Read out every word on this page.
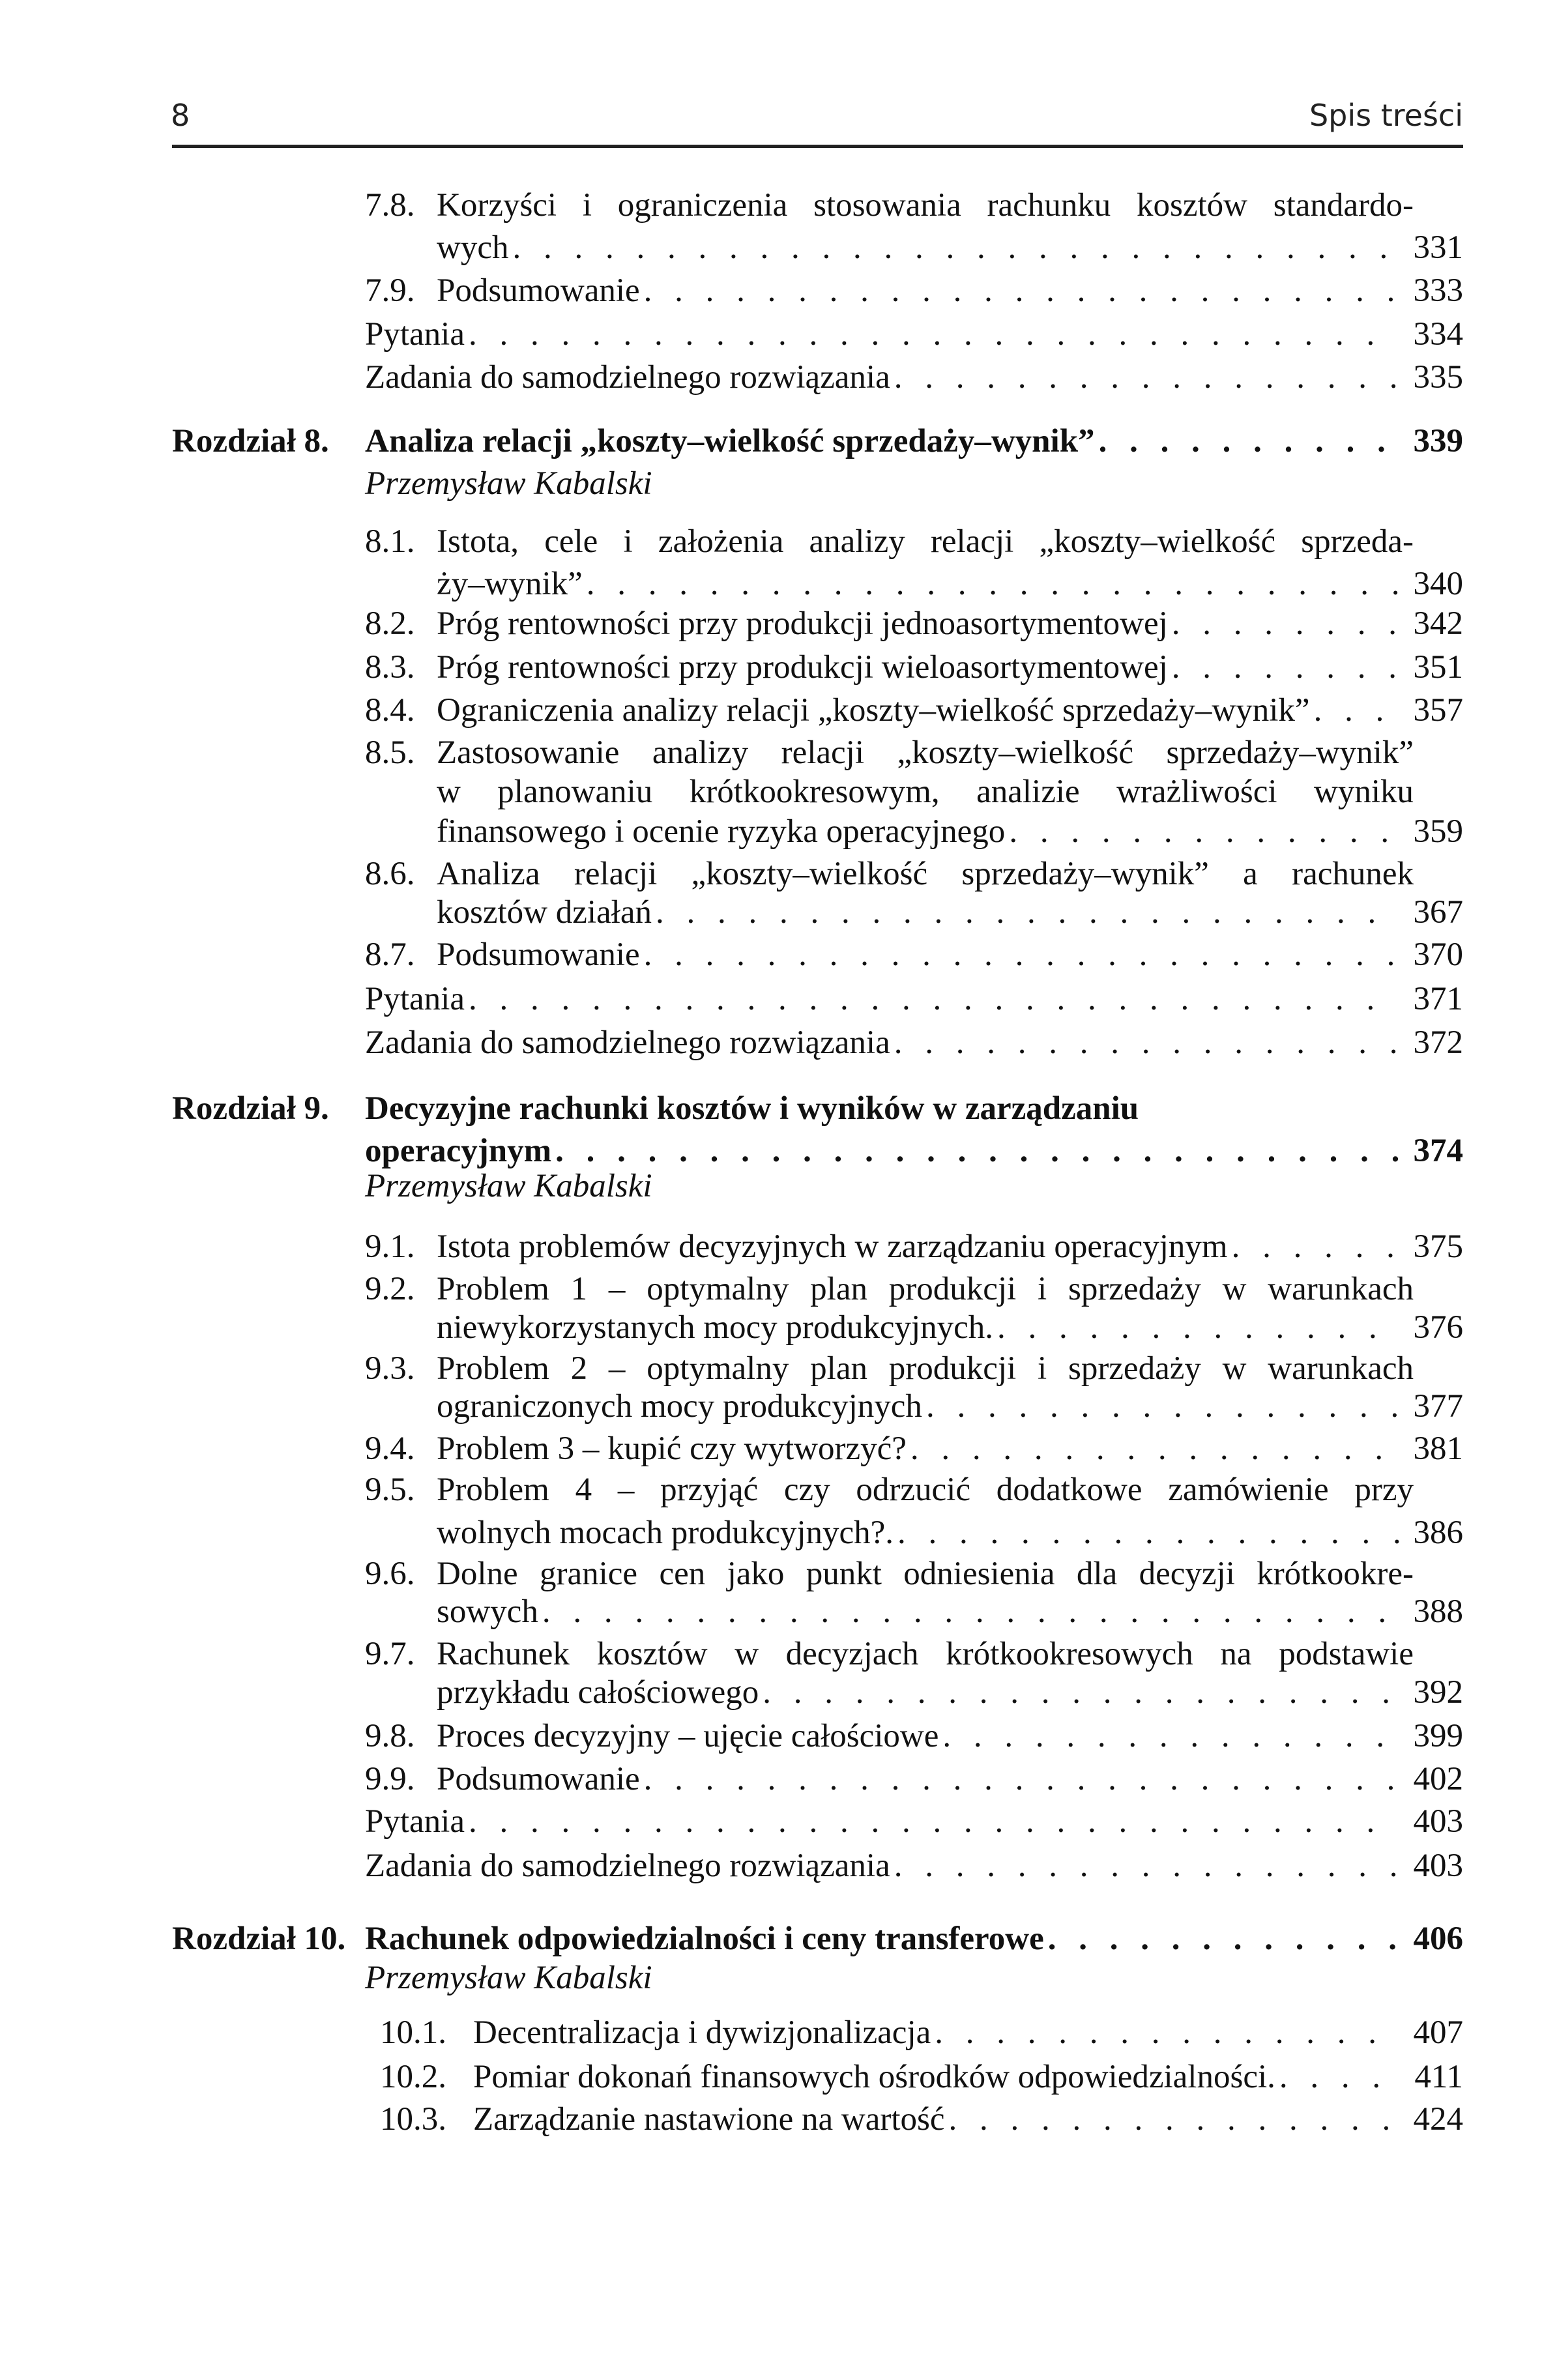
8	Spis treści
7.8. Korzyści i ograniczenia stosowania rachunku kosztów standardo-
wych . . .	331
7.9. Podsumowanie . . .	333
Pytania . . .	334
Zadania do samodzielnego rozwiązania . . .	335
Rozdział 8. Analiza relacji „koszty–wielkość sprzedaży–wynik” . . .	339
Przemysław Kabalski
8.1. Istota, cele i założenia analizy relacji „koszty–wielkość sprzeda-
ży–wynik” . . .	340
8.2. Próg rentowności przy produkcji jednoasortymentowej . . .	342
8.3. Próg rentowności przy produkcji wieloasortymentowej . . .	351
8.4. Ograniczenia analizy relacji „koszty–wielkość sprzedaży–wynik” . . .	357
8.5. Zastosowanie analizy relacji „koszty–wielkość sprzedaży–wynik”
w planowaniu krótkookresowym, analizie wrażliwości wyniku
finansowego i ocenie ryzyka operacyjnego . . .	359
8.6. Analiza relacji „koszty–wielkość sprzedaży–wynik” a rachunek
kosztów działań . . .	367
8.7. Podsumowanie . . .	370
Pytania . . .	371
Zadania do samodzielnego rozwiązania . . .	372
Rozdział 9. Decyzyjne rachunki kosztów i wyników w zarządzaniu
operacyjnym . . .	374
Przemysław Kabalski
9.1. Istota problemów decyzyjnych w zarządzaniu operacyjnym . . .	375
9.2. Problem 1 – optymalny plan produkcji i sprzedaży w warunkach
niewykorzystanych mocy produkcyjnych. . . .	376
9.3. Problem 2 – optymalny plan produkcji i sprzedaży w warunkach
ograniczonych mocy produkcyjnych . . .	377
9.4. Problem 3 – kupić czy wytworzyć? . . .	381
9.5. Problem 4 – przyjąć czy odrzucić dodatkowe zamówienie przy
wolnych mocach produkcyjnych?. . . .	386
9.6. Dolne granice cen jako punkt odniesienia dla decyzji krótkookre-
sowych . . .	388
9.7. Rachunek kosztów w decyzjach krótkookresowych na podstawie
przykładu całościowego . . .	392
9.8. Proces decyzyjny – ujęcie całościowe . . .	399
9.9. Podsumowanie . . .	402
Pytania . . .	403
Zadania do samodzielnego rozwiązania . . .	403
Rozdział 10. Rachunek odpowiedzialności i ceny transferowe . . .	406
Przemysław Kabalski
10.1. Decentralizacja i dywizjonalizacja . . .	407
10.2. Pomiar dokonań finansowych ośrodków odpowiedzialności. . . .	411
10.3. Zarządzanie nastawione na wartość . . .	424
